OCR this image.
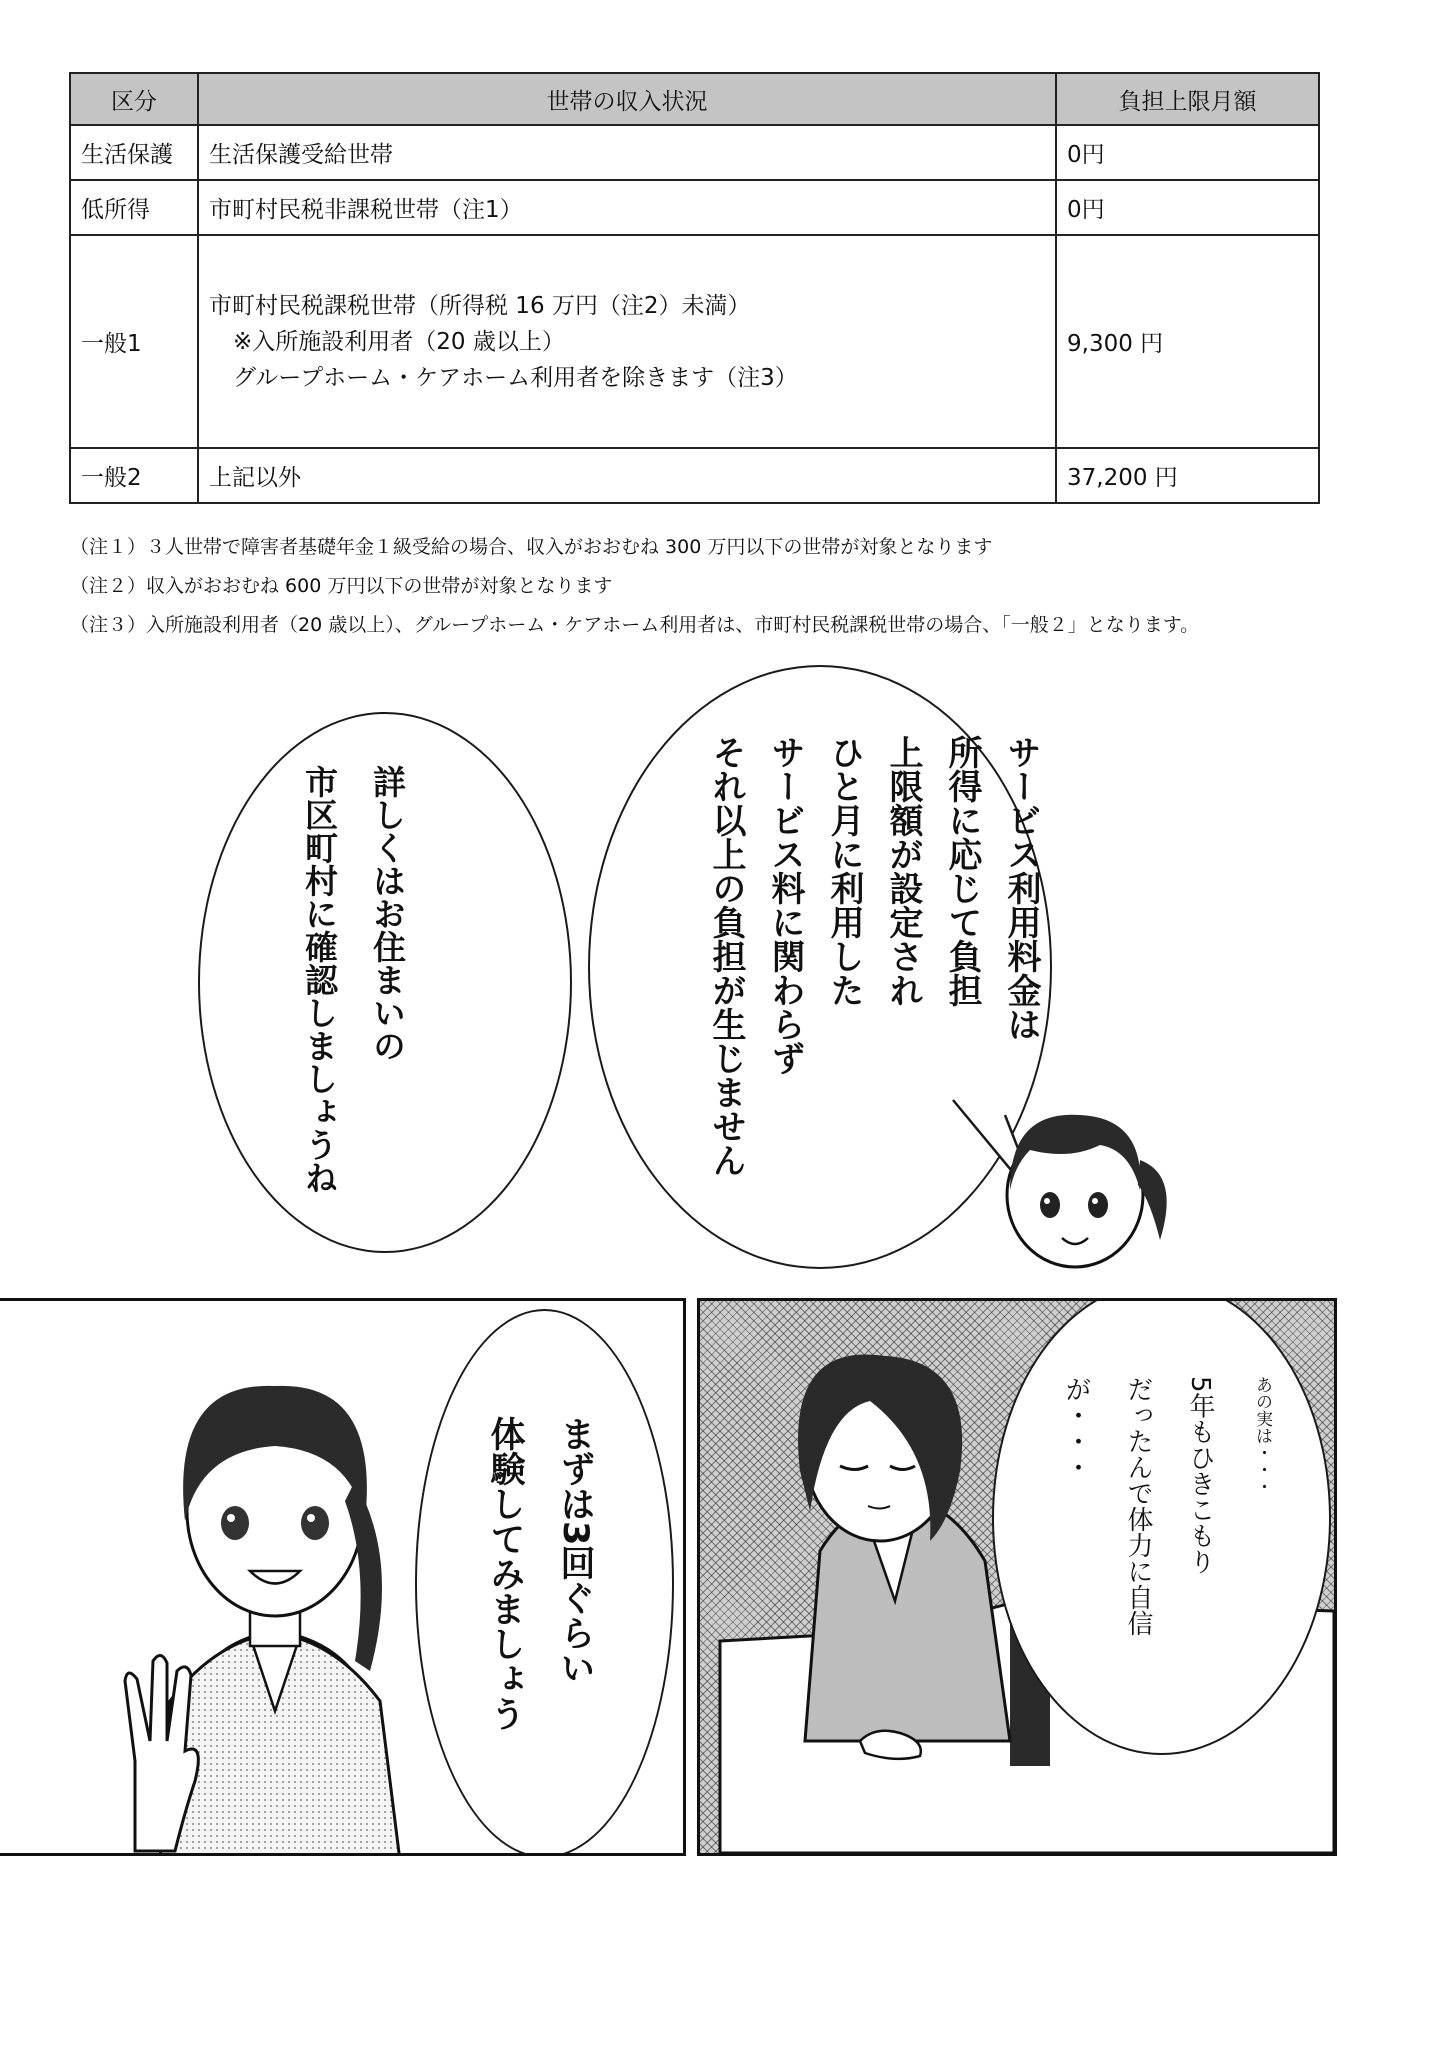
区分	世帯の収入状況	負担上限月額
生活保護	生活保護受給世帯	0円
低所得	市町村民税非課税世帯（注1）	0円
一般1	市町村民税課税世帯（所得税 16 万円（注2）未満）
※入所施設利用者（20 歳以上）
グループホーム・ケアホーム利用者を除きます（注3）	9,300 円
一般2	上記以外	37,200 円
（注１）３人世帯で障害者基礎年金１級受給の場合、収入がおおむね 300 万円以下の世帯が対象となります
（注２）収入がおおむね 600 万円以下の世帯が対象となります
（注３）入所施設利用者（20 歳以上）、グループホーム・ケアホーム利用者は、市町村民税課税世帯の場合、「一般２」となります。
詳しくはお住まいの
市区町村に確認しましょうね	サービス利用料金は
所得に応じて負担
上限額が設定され
ひと月に利用した
サービス料に関わらず
それ以上の負担が生じません
まずは3回ぐらい
体験してみましょう	あの実は・・・
5年もひきこもり
だったんで体力に自信
が・・・
